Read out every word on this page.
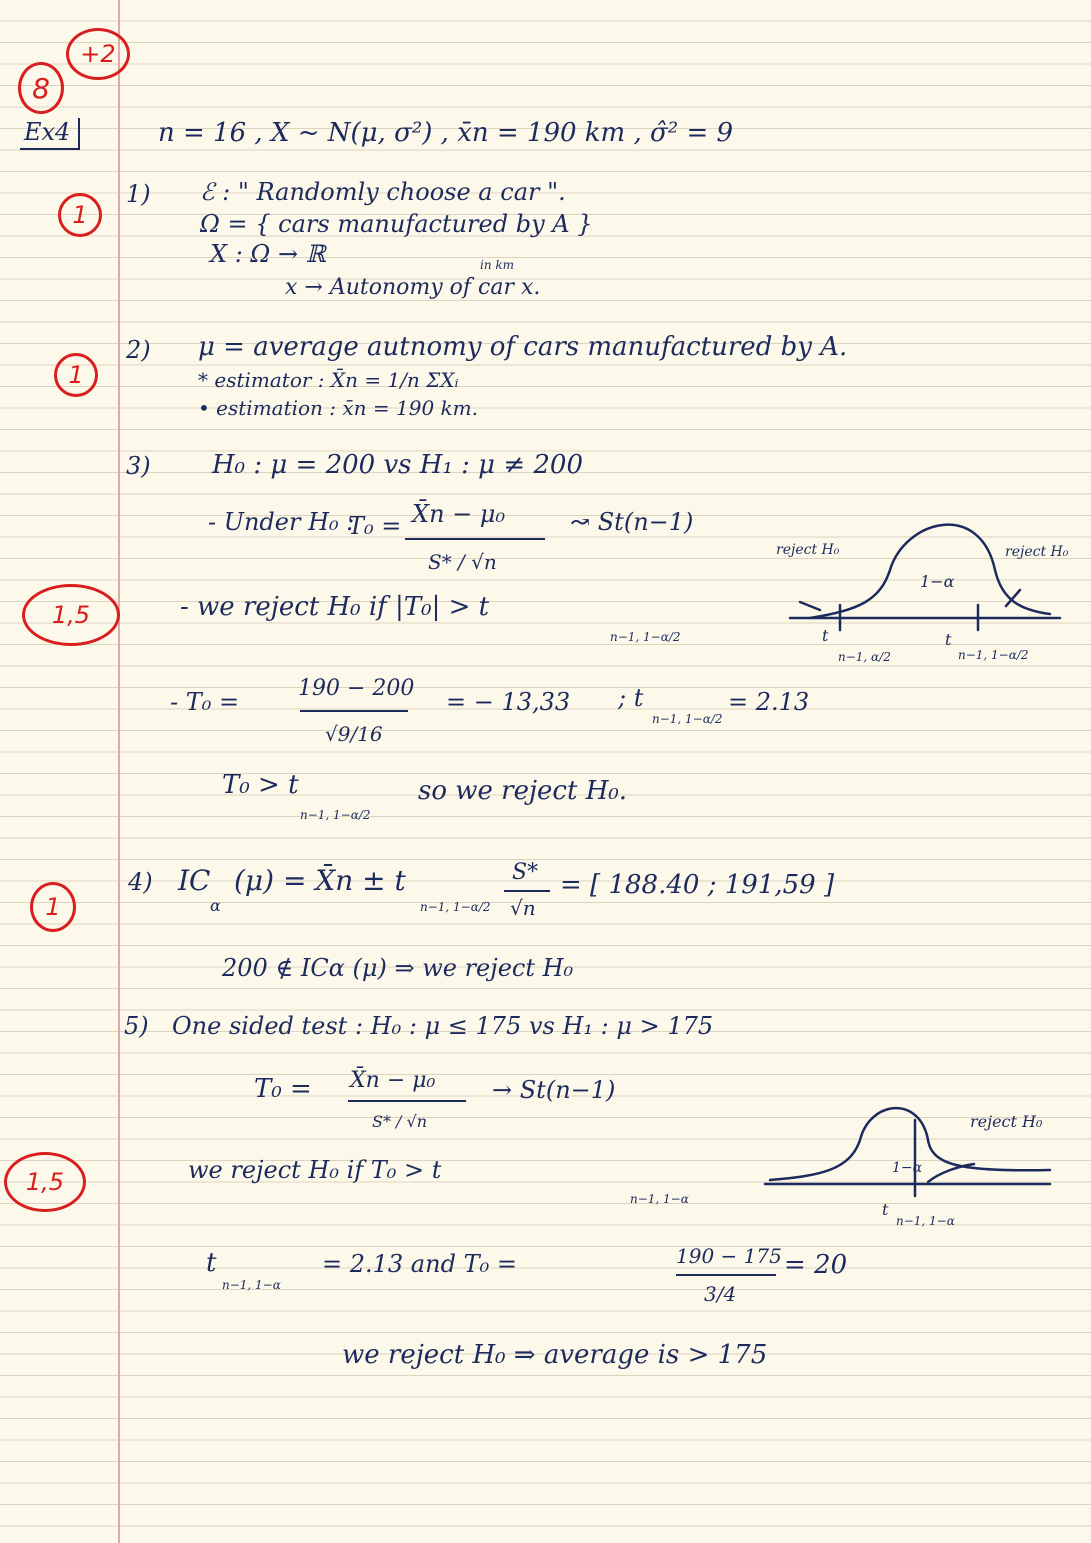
8
+2
Ex4	n = 16 , X ~ N(μ, σ²) , x̄n = 190 km , σ̂² = 9
1
1) ℰ : " Randomly choose a car ".
Ω = { cars manufactured by A }
X : Ω → ℝ	in km
x → Autonomy of car x.
1
2) μ = average autnomy of cars manufactured by A.
* estimator : X̄n = 1/n ΣXᵢ
• estimation : x̄n = 190 km.
3) H₀ : μ = 200 vs H₁ : μ ≠ 200
- Under H₀ :
T₀ = X̄n − μ₀
S* / √n
↝ St(n−1)
1,5	- we reject H₀ if |T₀| > t
n−1, 1−α/2
- T₀ =	190 − 200
√9/16
= − 13,33 ; t
n−1, 1−α/2
= 2.13
T₀ > t
n−1, 1−α/2
so we reject H₀.
reject H₀	reject H₀
1−α
t
n−1, α/2
t
n−1, 1−α/2
1
4) IC
α
(μ) = X̄n ± t
n−1, 1−α/2
S*
√n
= [ 188.40 ; 191,59 ]
200 ∉ ICα (μ) ⇒ we reject H₀
5) One sided test : H₀ : μ ≤ 175 vs H₁ : μ > 175
T₀ = X̄n − μ₀
S* / √n
→ St(n−1)
1,5	we reject H₀ if T₀ > t
n−1, 1−α
reject H₀
1−α
t
n−1, 1−α
t
n−1, 1−α
= 2.13 and T₀ =	190 − 175
3/4
= 20
we reject H₀ ⇒ average is > 175
